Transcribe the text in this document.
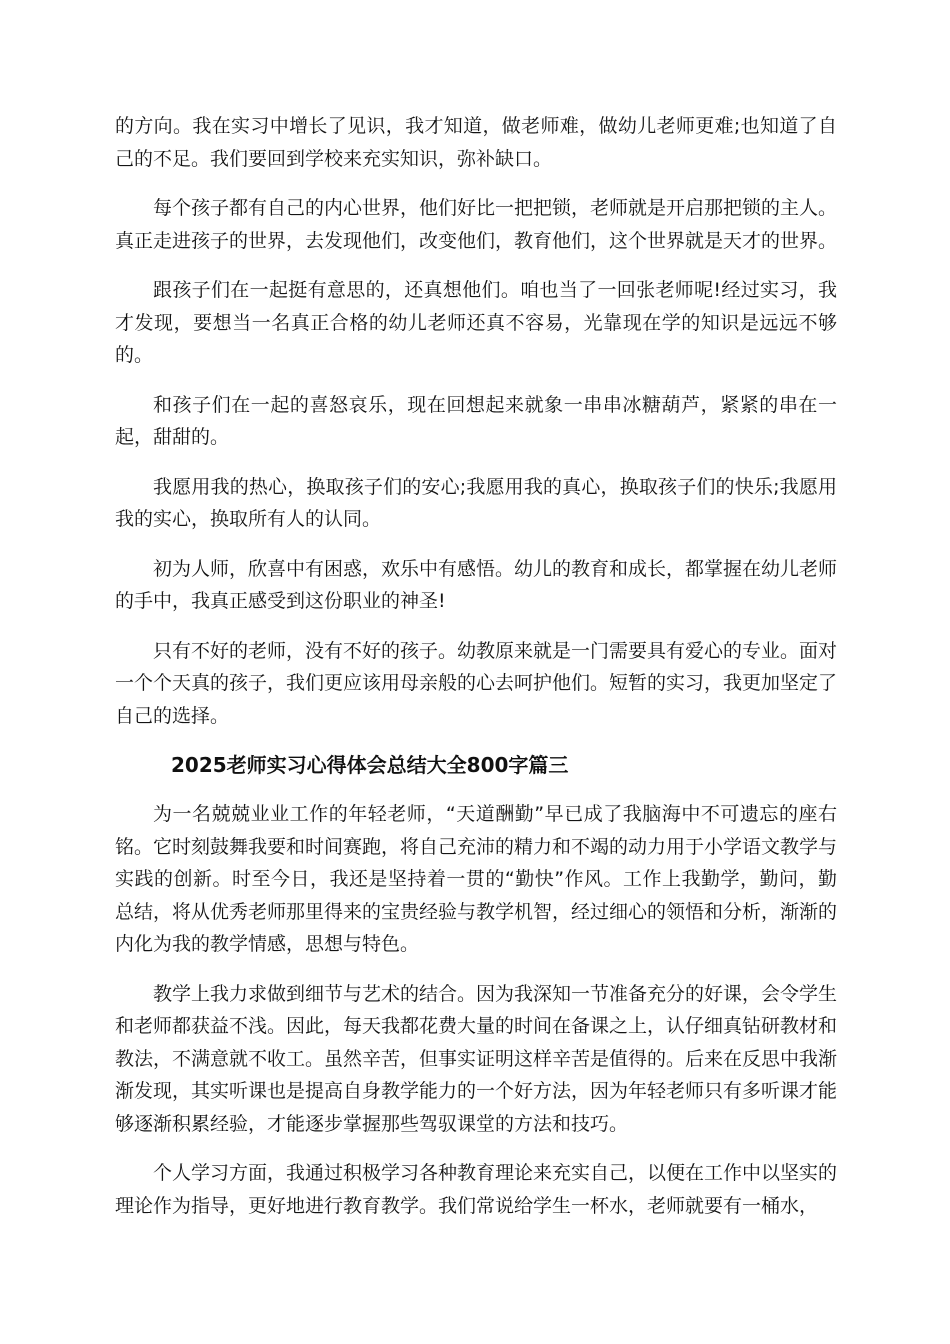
的方向。我在实习中增长了见识，我才知道，做老师难，做幼儿老师更难;也知道了自己的不足。我们要回到学校来充实知识，弥补缺口。

每个孩子都有自己的内心世界，他们好比一把把锁，老师就是开启那把锁的主人。真正走进孩子的世界，去发现他们，改变他们，教育他们，这个世界就是天才的世界。

跟孩子们在一起挺有意思的，还真想他们。咱也当了一回张老师呢!经过实习，我才发现，要想当一名真正合格的幼儿老师还真不容易，光靠现在学的知识是远远不够的。

和孩子们在一起的喜怒哀乐，现在回想起来就象一串串冰糖葫芦，紧紧的串在一起，甜甜的。

我愿用我的热心，换取孩子们的安心;我愿用我的真心，换取孩子们的快乐;我愿用我的实心，换取所有人的认同。

初为人师，欣喜中有困惑，欢乐中有感悟。幼儿的教育和成长，都掌握在幼儿老师的手中，我真正感受到这份职业的神圣!

只有不好的老师，没有不好的孩子。幼教原来就是一门需要具有爱心的专业。面对一个个天真的孩子，我们更应该用母亲般的心去呵护他们。短暂的实习，我更加坚定了自己的选择。

2025老师实习心得体会总结大全800字篇三

为一名兢兢业业工作的年轻老师，“天道酬勤”早已成了我脑海中不可遗忘的座右铭。它时刻鼓舞我要和时间赛跑，将自己充沛的精力和不竭的动力用于小学语文教学与实践的创新。时至今日，我还是坚持着一贯的“勤快”作风。工作上我勤学，勤问，勤总结，将从优秀老师那里得来的宝贵经验与教学机智，经过细心的领悟和分析，渐渐的内化为我的教学情感，思想与特色。

教学上我力求做到细节与艺术的结合。因为我深知一节准备充分的好课，会令学生和老师都获益不浅。因此，每天我都花费大量的时间在备课之上，认仔细真钻研教材和教法，不满意就不收工。虽然辛苦，但事实证明这样辛苦是值得的。后来在反思中我渐渐发现，其实听课也是提高自身教学能力的一个好方法，因为年轻老师只有多听课才能够逐渐积累经验，才能逐步掌握那些驾驭课堂的方法和技巧。

个人学习方面，我通过积极学习各种教育理论来充实自己，以便在工作中以坚实的理论作为指导，更好地进行教育教学。我们常说给学生一杯水，老师就要有一桶水，
